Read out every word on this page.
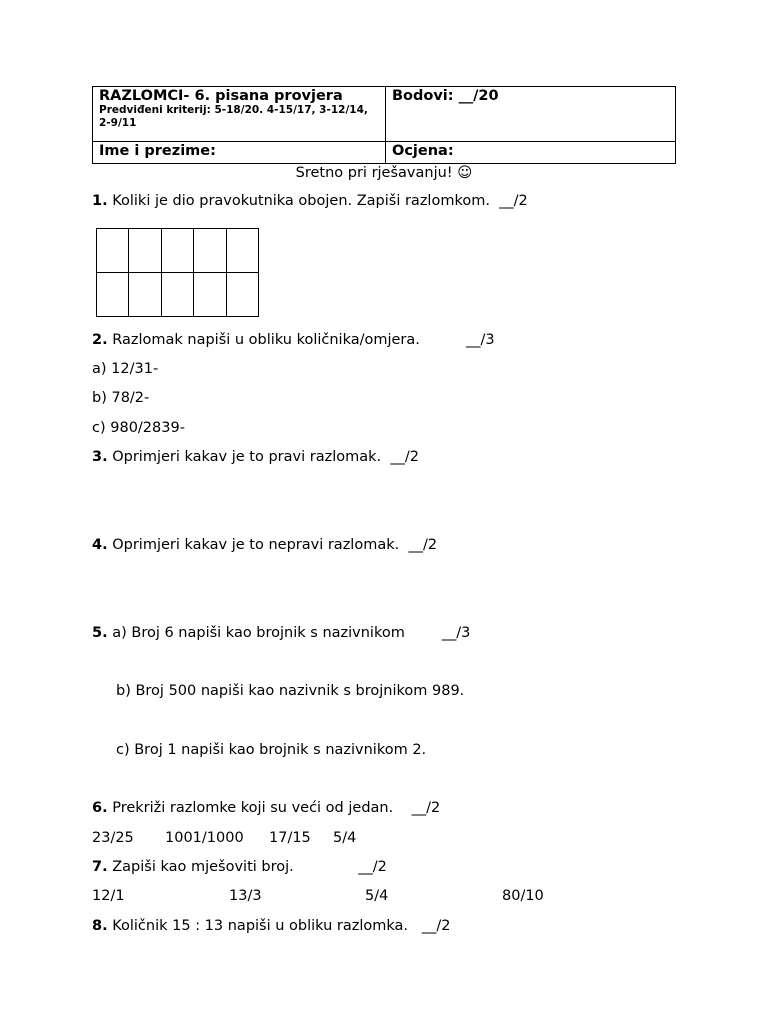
RAZLOMCI- 6. pisana provjera
Predviđeni kriterij: 5-18/20. 4-15/17, 3-12/14, 2-9/11	Bodovi: __/20

Ime i prezime:	Ocjena:
Sretno pri rješavanju! ☺
1. Koliki je dio pravokutnika obojen. Zapiši razlomkom.  __/2

2. Razlomak napiši u obliku količnika/omjera.          __/3
a) 12/31-
b) 78/2-
c) 980/2839-
3. Oprimjeri kakav je to pravi razlomak.  __/2
4. Oprimjeri kakav je to nepravi razlomak.  __/2
5. a) Broj 6 napiši kao brojnik s nazivnikom        __/3
b) Broj 500 napiši kao nazivnik s brojnikom 989.
c) Broj 1 napiši kao brojnik s nazivnikom 2.
6. Prekriži razlomke koji su veći od jedan.    __/2
23/25 1001/1000 17/15 5/4
7. Zapiši kao mješoviti broj.              __/2
12/1	13/3	5/4	80/10
8. Količnik 15 : 13 napiši u obliku razlomka.   __/2
